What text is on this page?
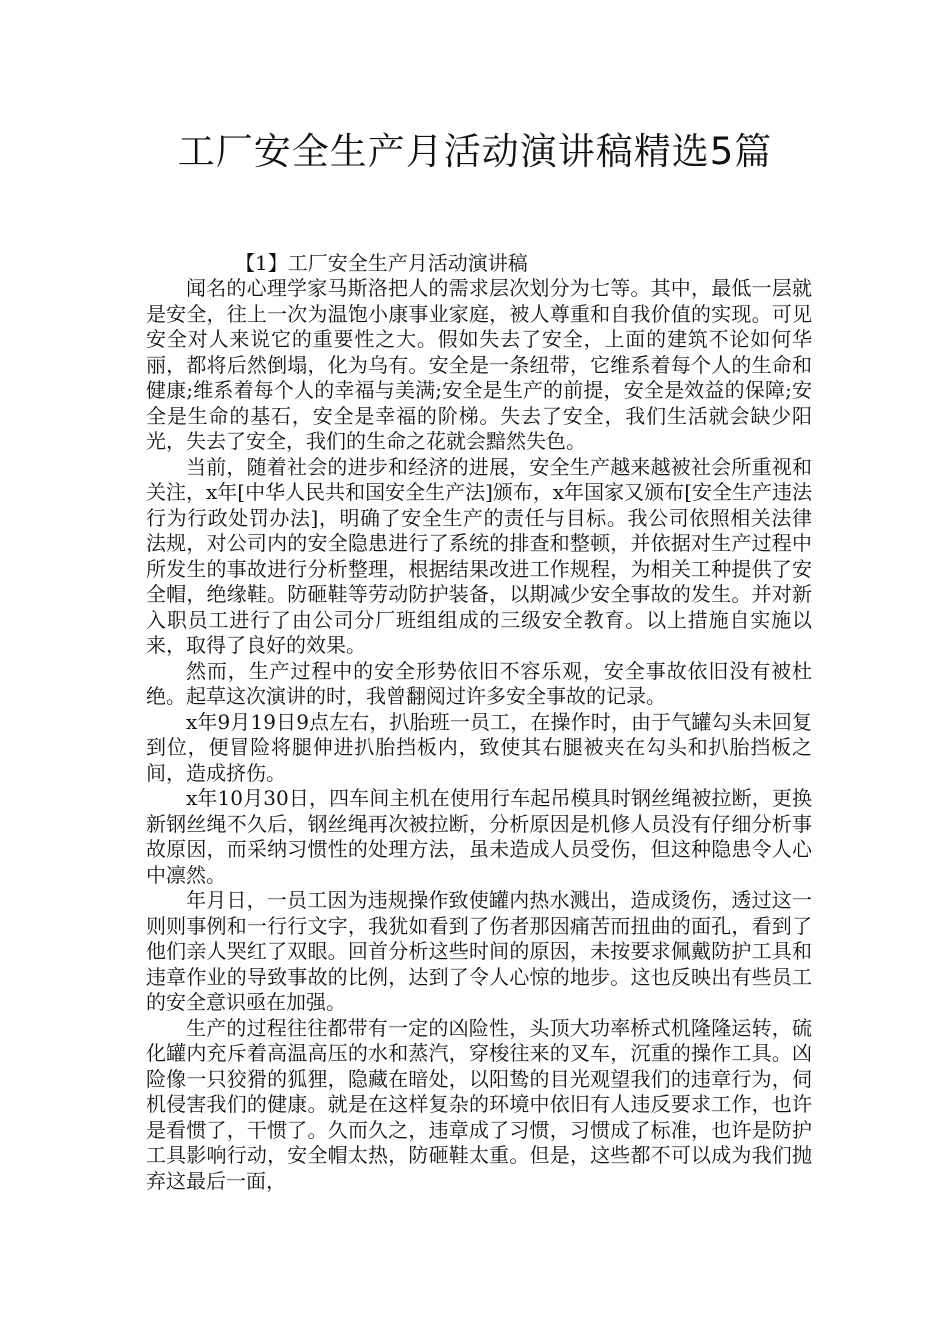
工厂安全生产月活动演讲稿精选5篇
【1】工厂安全生产月活动演讲稿

闻名的心理学家马斯洛把人的需求层次划分为七等。其中，最低一层就是安全，往上一次为温饱小康事业家庭，被人尊重和自我价值的实现。可见安全对人来说它的重要性之大。假如失去了安全，上面的建筑不论如何华丽，都将后然倒塌，化为乌有。安全是一条纽带，它维系着每个人的生命和健康;维系着每个人的幸福与美满;安全是生产的前提，安全是效益的保障;安全是生命的基石，安全是幸福的阶梯。失去了安全，我们生活就会缺少阳光，失去了安全，我们的生命之花就会黯然失色。

当前，随着社会的进步和经济的进展，安全生产越来越被社会所重视和关注，x年[中华人民共和国安全生产法]颁布，x年国家又颁布[安全生产违法行为行政处罚办法]，明确了安全生产的责任与目标。我公司依照相关法律法规，对公司内的安全隐患进行了系统的排查和整顿，并依据对生产过程中所发生的事故进行分析整理，根据结果改进工作规程，为相关工种提供了安全帽，绝缘鞋。防砸鞋等劳动防护装备，以期减少安全事故的发生。并对新入职员工进行了由公司分厂班组组成的三级安全教育。以上措施自实施以来，取得了良好的效果。

然而，生产过程中的安全形势依旧不容乐观，安全事故依旧没有被杜绝。起草这次演讲的时，我曾翻阅过许多安全事故的记录。

x年9月19日9点左右，扒胎班一员工，在操作时，由于气罐勾头未回复到位，便冒险将腿伸进扒胎挡板内，致使其右腿被夹在勾头和扒胎挡板之间，造成挤伤。

x年10月30日，四车间主机在使用行车起吊模具时钢丝绳被拉断，更换新钢丝绳不久后，钢丝绳再次被拉断，分析原因是机修人员没有仔细分析事故原因，而采纳习惯性的处理方法，虽未造成人员受伤，但这种隐患令人心中凛然。

年月日，一员工因为违规操作致使罐内热水溅出，造成烫伤，透过这一则则事例和一行行文字，我犹如看到了伤者那因痛苦而扭曲的面孔，看到了他们亲人哭红了双眼。回首分析这些时间的原因，未按要求佩戴防护工具和违章作业的导致事故的比例，达到了令人心惊的地步。这也反映出有些员工的安全意识亟在加强。

生产的过程往往都带有一定的凶险性，头顶大功率桥式机隆隆运转，硫化罐内充斥着高温高压的水和蒸汽，穿梭往来的叉车，沉重的操作工具。凶险像一只狡猾的狐狸，隐藏在暗处，以阳鸷的目光观望我们的违章行为，伺机侵害我们的健康。就是在这样复杂的环境中依旧有人违反要求工作，也许是看惯了，干惯了。久而久之，违章成了习惯，习惯成了标准，也许是防护工具影响行动，安全帽太热，防砸鞋太重。但是，这些都不可以成为我们抛弃这最后一面，
